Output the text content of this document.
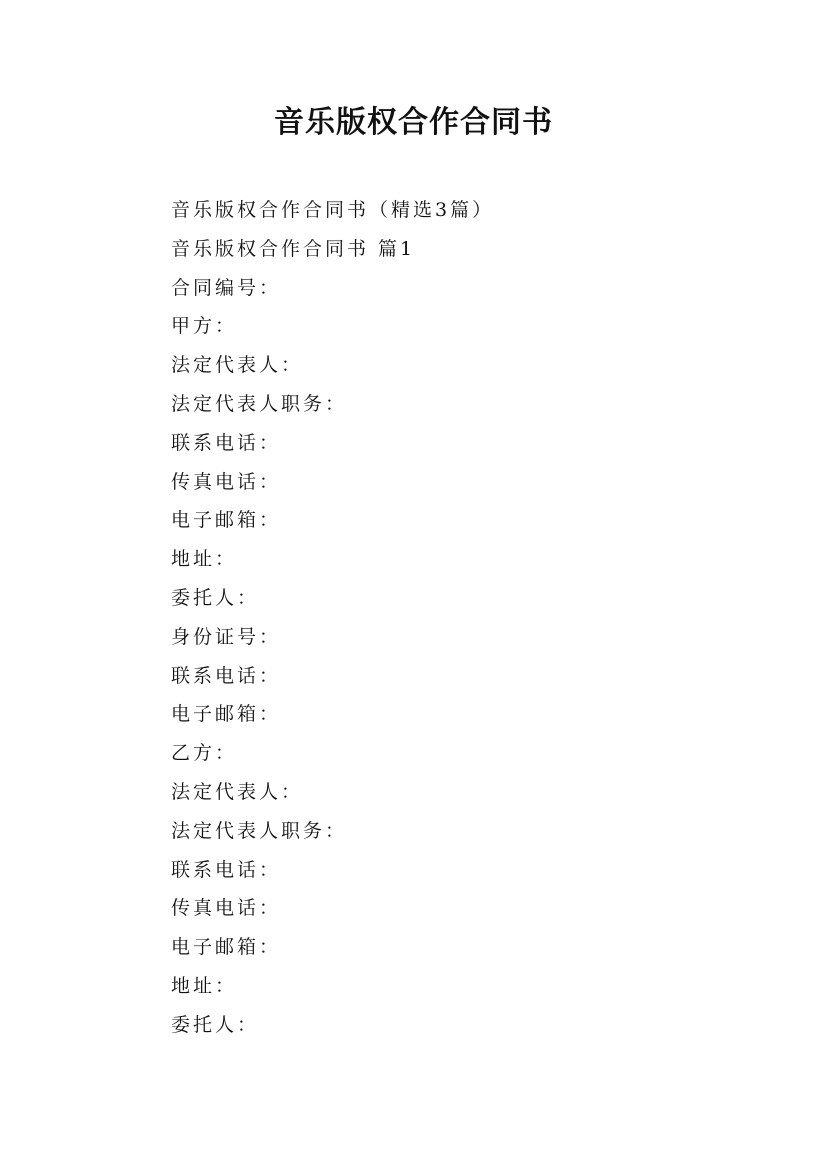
音乐版权合作合同书
音乐版权合作合同书（精选3篇）
音乐版权合作合同书 篇1
合同编号：
甲方：
法定代表人：
法定代表人职务：
联系电话：
传真电话：
电子邮箱：
地址：
委托人：
身份证号：
联系电话：
电子邮箱：
乙方：
法定代表人：
法定代表人职务：
联系电话：
传真电话：
电子邮箱：
地址：
委托人：
